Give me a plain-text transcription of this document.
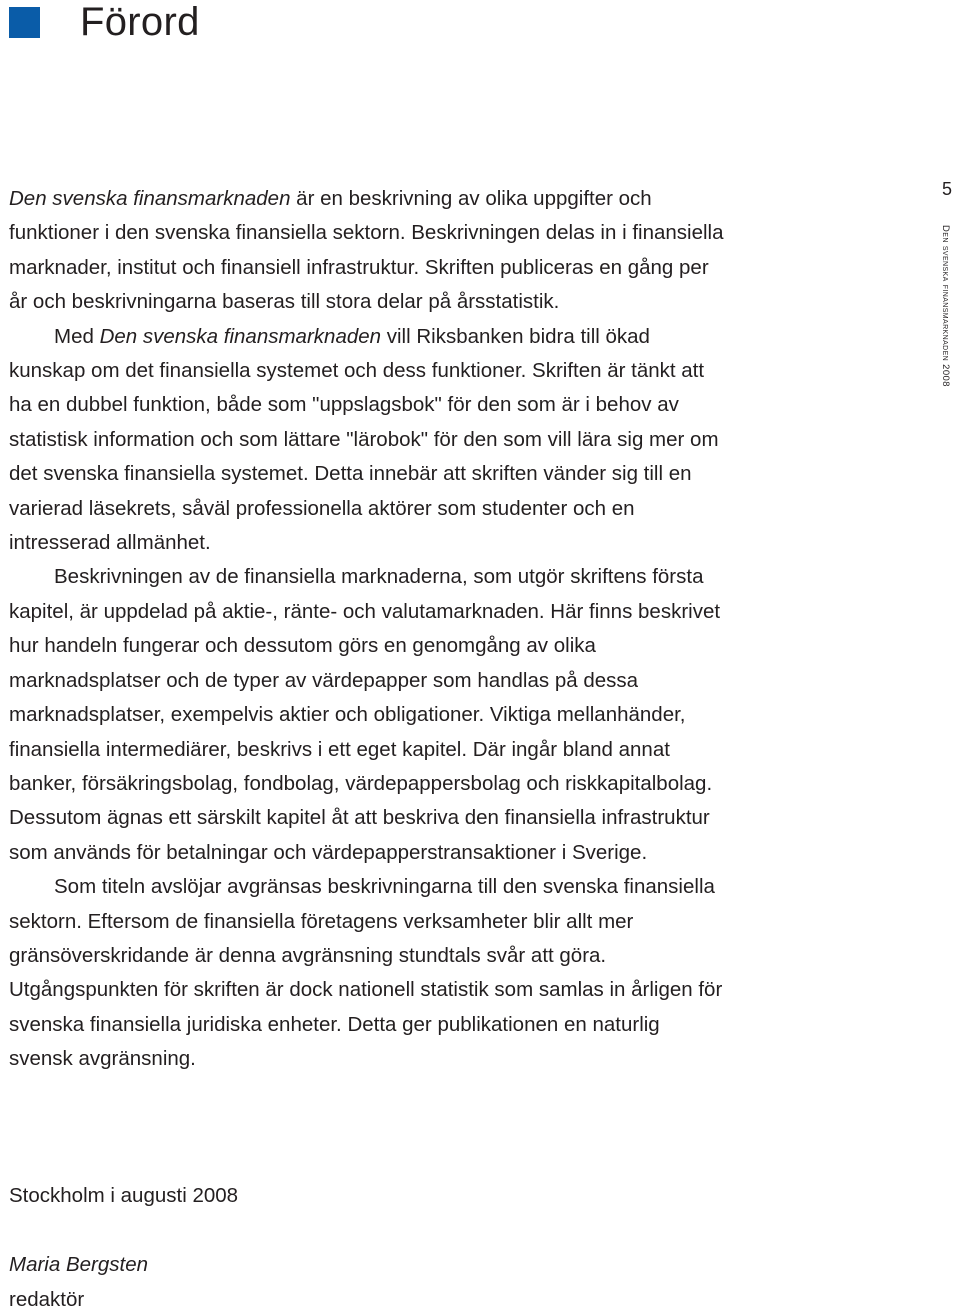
Förord
5
Den svenska finansmarknaden 2008

Den svenska finansmarknaden är en beskrivning av olika uppgifter och funktioner i den svenska finansiella sektorn. Beskrivningen delas in i finansiella marknader, institut och finansiell infrastruktur. Skriften publiceras en gång per år och beskrivningarna baseras till stora delar på årsstatistik.

Med Den svenska finansmarknaden vill Riksbanken bidra till ökad kunskap om det finansiella systemet och dess funktioner. Skriften är tänkt att ha en dubbel funktion, både som "uppslagsbok" för den som är i behov av statistisk information och som lättare "lärobok" för den som vill lära sig mer om det svenska finansiella systemet. Detta innebär att skriften vänder sig till en varierad läsekrets, såväl professionella aktörer som studenter och en intresserad allmänhet.

Beskrivningen av de finansiella marknaderna, som utgör skriftens första kapitel, är uppdelad på aktie-, ränte- och valutamarknaden. Här finns beskrivet hur handeln fungerar och dessutom görs en genomgång av olika marknadsplatser och de typer av värdepapper som handlas på dessa marknadsplatser, exempelvis aktier och obligationer. Viktiga mellanhänder, finansiella intermediärer, beskrivs i ett eget kapitel. Där ingår bland annat banker, försäkringsbolag, fondbolag, värdepappersbolag och riskkapitalbolag. Dessutom ägnas ett särskilt kapitel åt att beskriva den finansiella infrastruktur som används för betalningar och värdepapperstransaktioner i Sverige.

Som titeln avslöjar avgränsas beskrivningarna till den svenska finansiella sektorn. Eftersom de finansiella företagens verksamheter blir allt mer gränsöverskridande är denna avgränsning stundtals svår att göra. Utgångspunkten för skriften är dock nationell statistik som samlas in årligen för svenska finansiella juridiska enheter. Detta ger publikationen en naturlig svensk avgränsning.

Stockholm i augusti 2008
Maria Bergsten
redaktör
